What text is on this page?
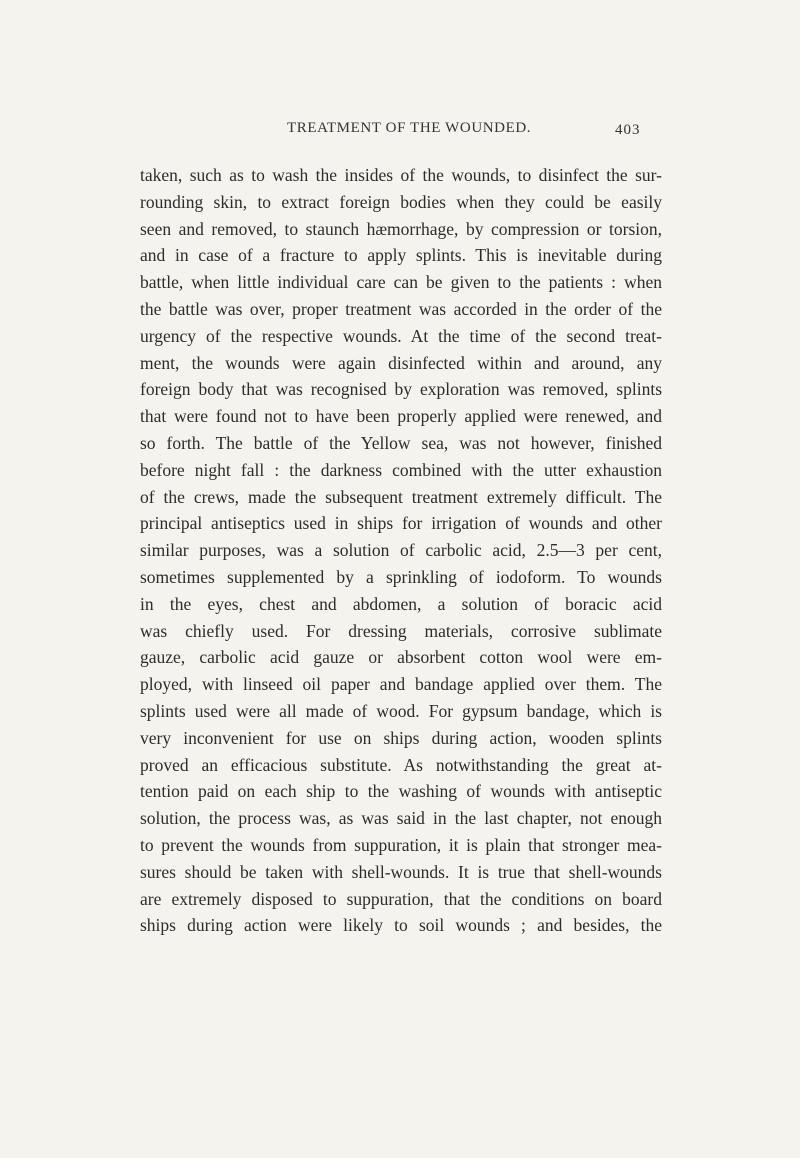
TREATMENT OF THE WOUNDED.	403
taken, such as to wash the insides of the wounds, to disinfect the sur-
rounding skin, to extract foreign bodies when they could be easily
seen and removed, to staunch hæmorrhage, by compression or torsion,
and in case of a fracture to apply splints. This is inevitable during
battle, when little individual care can be given to the patients : when
the battle was over, proper treatment was accorded in the order of the
urgency of the respective wounds. At the time of the second treat-
ment, the wounds were again disinfected within and around, any
foreign body that was recognised by exploration was removed, splints
that were found not to have been properly applied were renewed, and
so forth. The battle of the Yellow sea, was not however, finished
before night fall : the darkness combined with the utter exhaustion
of the crews, made the subsequent treatment extremely difficult. The
principal antiseptics used in ships for irrigation of wounds and other
similar purposes, was a solution of carbolic acid, 2.5—3 per cent,
sometimes supplemented by a sprinkling of iodoform. To wounds
in the eyes, chest and abdomen, a solution of boracic acid
was chiefly used. For dressing materials, corrosive sublimate
gauze, carbolic acid gauze or absorbent cotton wool were em-
ployed, with linseed oil paper and bandage applied over them. The
splints used were all made of wood. For gypsum bandage, which is
very inconvenient for use on ships during action, wooden splints
proved an efficacious substitute. As notwithstanding the great at-
tention paid on each ship to the washing of wounds with antiseptic
solution, the process was, as was said in the last chapter, not enough
to prevent the wounds from suppuration, it is plain that stronger mea-
sures should be taken with shell-wounds. It is true that shell-wounds
are extremely disposed to suppuration, that the conditions on board
ships during action were likely to soil wounds ; and besides, the
